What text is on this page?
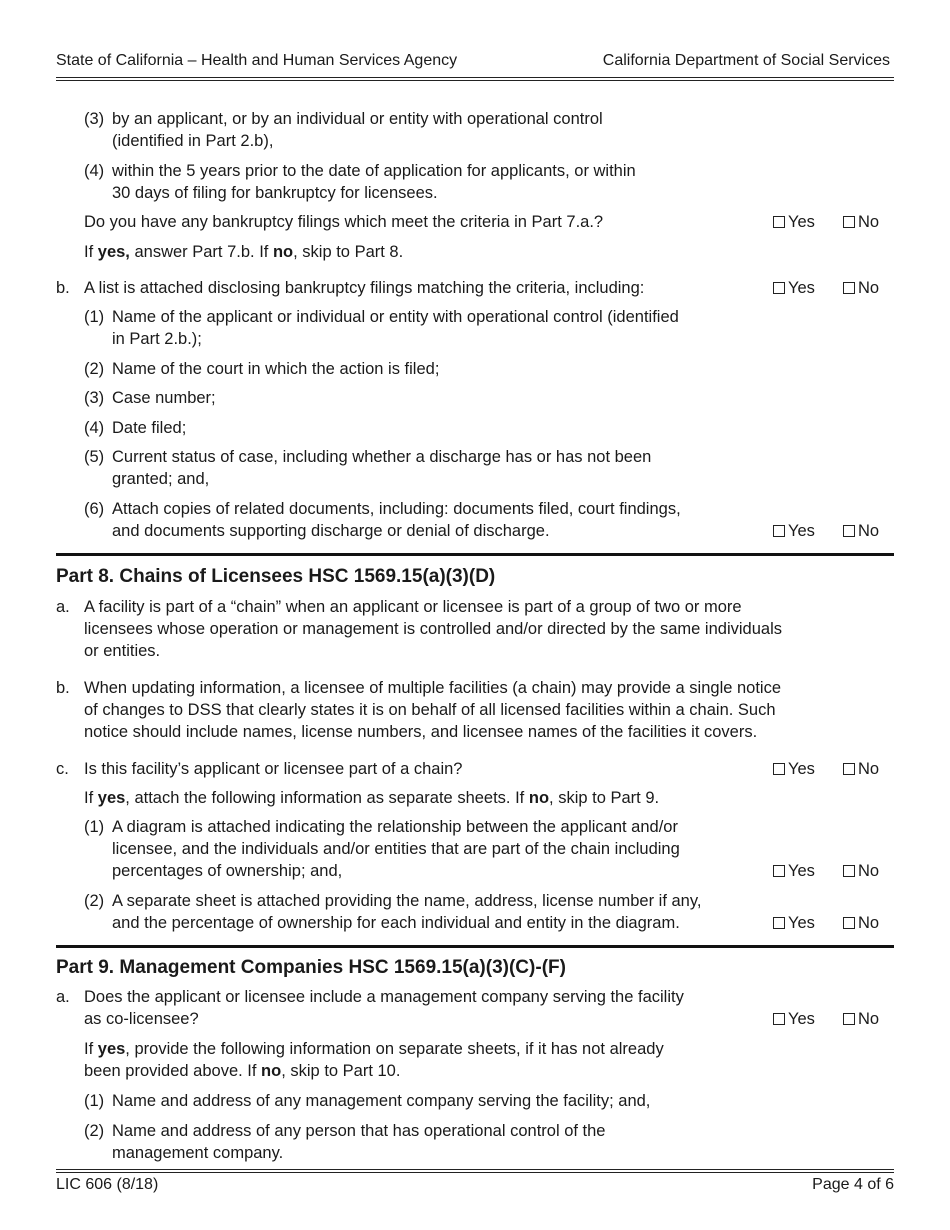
State of California – Health and Human Services Agency	California Department of Social Services
(3) by an applicant, or by an individual or entity with operational control
(identified in Part 2.b),
(4) within the 5 years prior to the date of application for applicants, or within
30 days of filing for bankruptcy for licensees.
Do you have any bankruptcy filings which meet the criteria in Part 7.a.?	Yes	No
If yes, answer Part 7.b. If no, skip to Part 8.
b. A list is attached disclosing bankruptcy filings matching the criteria, including:	Yes	No
(1) Name of the applicant or individual or entity with operational control (identified
in Part 2.b.);
(2) Name of the court in which the action is filed;
(3) Case number;
(4) Date filed;
(5) Current status of case, including whether a discharge has or has not been
granted; and,
(6) Attach copies of related documents, including: documents filed, court findings,
and documents supporting discharge or denial of discharge.	Yes	No
Part 8. Chains of Licensees HSC 1569.15(a)(3)(D)
a. A facility is part of a “chain” when an applicant or licensee is part of a group of two or more
licensees whose operation or management is controlled and/or directed by the same individuals
or entities.
b. When updating information, a licensee of multiple facilities (a chain) may provide a single notice
of changes to DSS that clearly states it is on behalf of all licensed facilities within a chain. Such
notice should include names, license numbers, and licensee names of the facilities it covers.
c. Is this facility’s applicant or licensee part of a chain?	Yes	No
If yes, attach the following information as separate sheets. If no, skip to Part 9.
(1) A diagram is attached indicating the relationship between the applicant and/or
licensee, and the individuals and/or entities that are part of the chain including
percentages of ownership; and,	Yes	No
(2) A separate sheet is attached providing the name, address, license number if any,
and the percentage of ownership for each individual and entity in the diagram.	Yes	No
Part 9. Management Companies HSC 1569.15(a)(3)(C)-(F)
a. Does the applicant or licensee include a management company serving the facility
as co-licensee?	Yes	No
If yes, provide the following information on separate sheets, if it has not already
been provided above. If no, skip to Part 10.
(1) Name and address of any management company serving the facility; and,
(2) Name and address of any person that has operational control of the
management company.
LIC 606 (8/18)	Page 4 of 6
